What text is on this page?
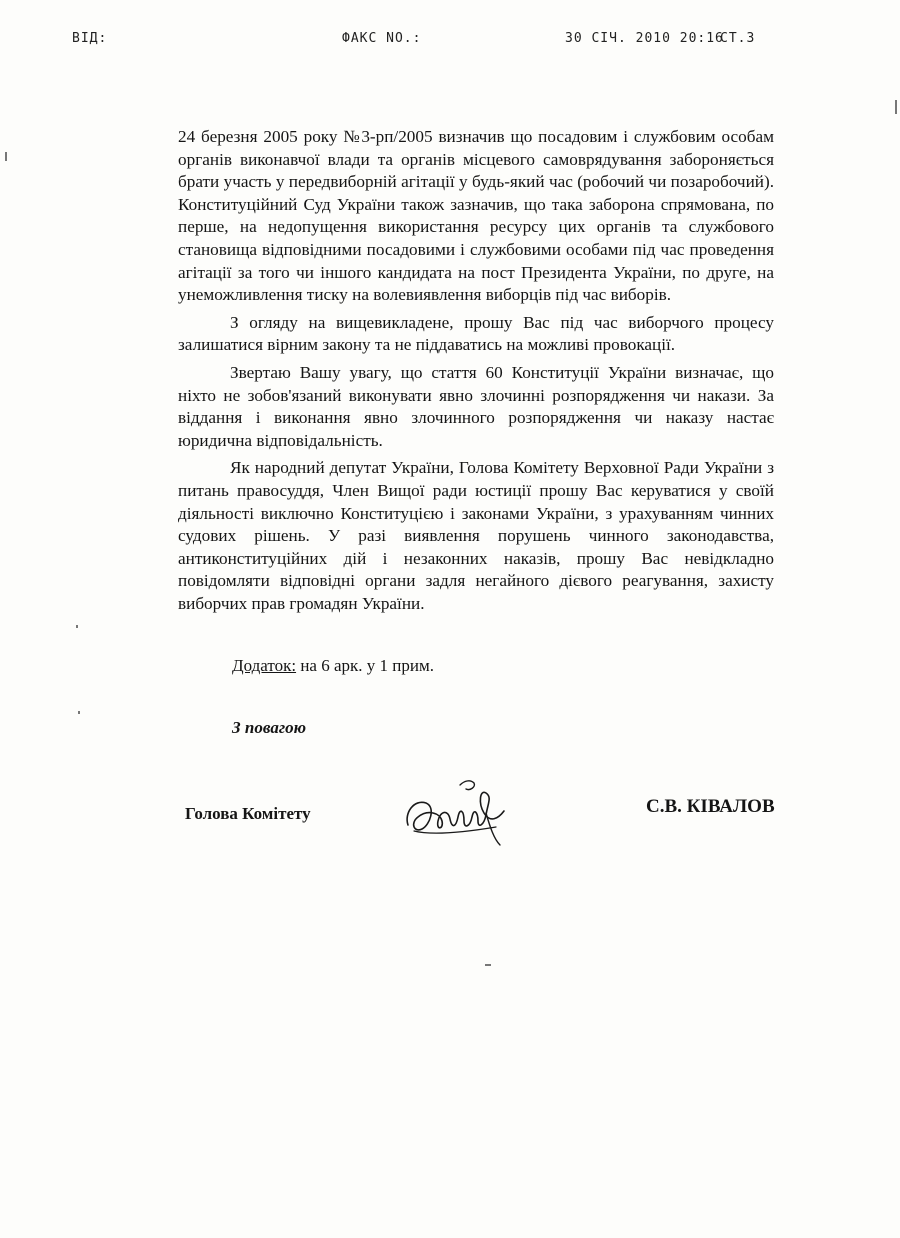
ВІД:	ФАКС NO.:	30 СІЧ. 2010 20:16
СТ.3

24 березня 2005 року №3-рп/2005 визначив що посадовим і службовим особам органів виконавчої влади та органів місцевого самоврядування забороняється брати участь у передвиборній агітації у будь-який час (робочий чи позаробочий). Конституційний Суд України також зазначив, що така заборона спрямована, по перше, на недопущення використання ресурсу цих органів та службового становища відповідними посадовими і службовими особами під час проведення агітації за того чи іншого кандидата на пост Президента України, по друге, на унеможливлення тиску на волевиявлення виборців під час виборів.

З огляду на вищевикладене, прошу Вас під час виборчого процесу залишатися вірним закону та не піддаватись на можливі провокації.

Звертаю Вашу увагу, що стаття 60 Конституції України визначає, що ніхто не зобов'язаний виконувати явно злочинні розпорядження чи накази. За віддання і виконання явно злочинного розпорядження чи наказу настає юридична відповідальність.

Як народний депутат України, Голова Комітету Верховної Ради України з питань правосуддя, Член Вищої ради юстиції прошу Вас керуватися у своїй діяльності виключно Конституцією і законами України, з урахуванням чинних судових рішень. У разі виявлення порушень чинного законодавства, антиконституційних дій і незаконних наказів, прошу Вас невідкладно повідомляти відповідні органи задля негайного дієвого реагування, захисту виборчих прав громадян України.

Додаток: на 6 арк. у 1 прим.
З повагою
Голова Комітету	С.В. КІВАЛОВ
